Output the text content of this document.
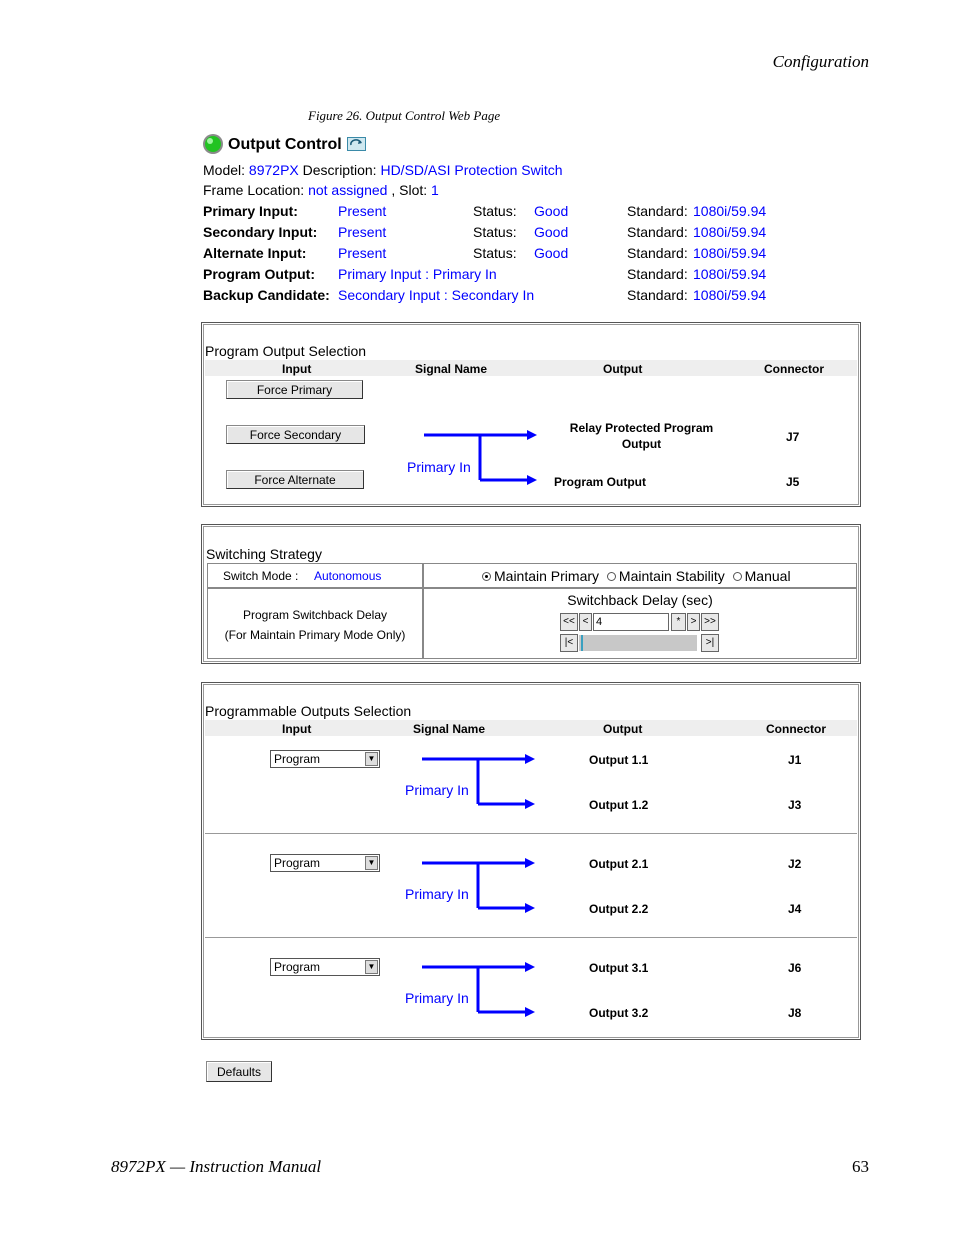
Configuration
Figure 26. Output Control Web Page
Output Control
Model: 8972PX Description: HD/SD/ASI Protection Switch
Frame Location: not assigned , Slot: 1
Primary Input:	Present	Status: Good	Standard: 1080i/59.94
Secondary Input: Present	Status: Good	Standard: 1080i/59.94
Alternate Input: Present	Status: Good	Standard: 1080i/59.94
Program Output: Primary Input : Primary In	Standard: 1080i/59.94
Backup Candidate: Secondary Input : Secondary In	Standard: 1080i/59.94
Program Output Selection
Input	Signal Name	Output	Connector
Force Primary
Force Secondary
Force Alternate
Primary In
Relay Protected Program Output	J7
Program Output	J5
Switching Strategy
Switch Mode : Autonomous	Maintain Primary Maintain Stability Manual
Program Switchback Delay
(For Maintain Primary Mode Only)
Switchback Delay (sec)
<< <
4	*	> >>
|<	>|
Programmable Outputs Selection
Input	Signal Name	Output	Connector
Program	▼
Primary In
Output 1.1	J1
Output 1.2	J3
Program	▼
Primary In
Output 2.1	J2
Output 2.2	J4
Program	▼
Primary In
Output 3.1	J6
Output 3.2	J8
Defaults
8972PX — Instruction Manual	63
